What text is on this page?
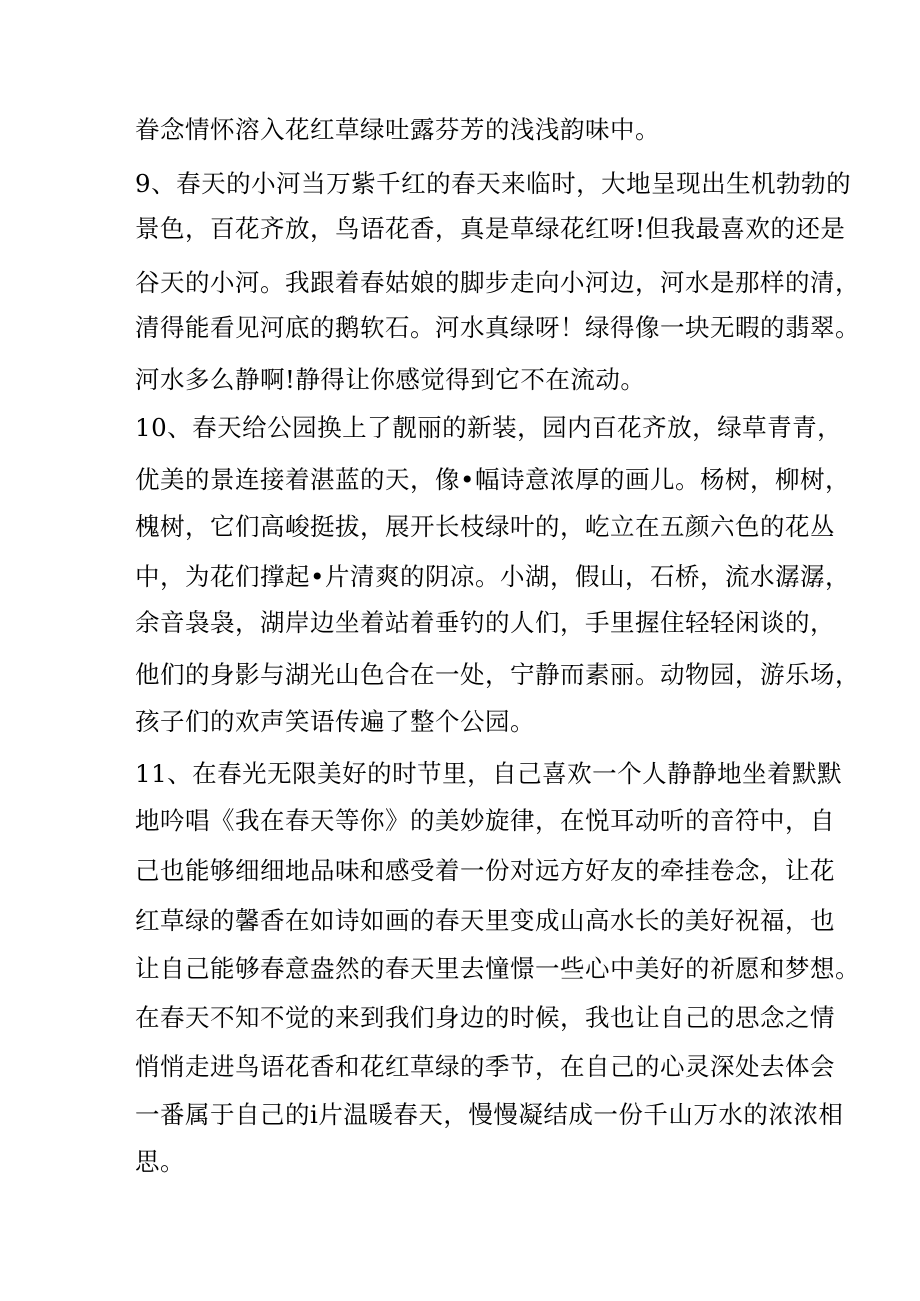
眷念情怀溶入花红草绿吐露芬芳的浅浅韵味中。
9、春天的小河当万紫千红的春天来临时，大地呈现出生机勃勃的
景色，百花齐放，鸟语花香，真是草绿花红呀!但我最喜欢的还是
谷天的小河。我跟着春姑娘的脚步走向小河边，河水是那样的清，
清得能看见河底的鹅软石。河水真绿呀！绿得像一块无暇的翡翠。
河水多么静啊!静得让你感觉得到它不在流动。
10、春天给公园换上了靓丽的新装，园内百花齐放，绿草青青，
优美的景连接着湛蓝的天，像•幅诗意浓厚的画儿。杨树，柳树，
槐树，它们高峻挺拔，展开长枝绿叶的，屹立在五颜六色的花丛
中，为花们撑起•片清爽的阴凉。小湖，假山，石桥，流水潺潺，
余音袅袅，湖岸边坐着站着垂钓的人们，手里握住轻轻闲谈的，
他们的身影与湖光山色合在一处，宁静而素丽。动物园，游乐场，
孩子们的欢声笑语传遍了整个公园。
11、在春光无限美好的时节里，自己喜欢一个人静静地坐着默默
地吟唱《我在春天等你》的美妙旋律，在悦耳动听的音符中，自
己也能够细细地品味和感受着一份对远方好友的牵挂卷念，让花
红草绿的馨香在如诗如画的春天里变成山高水长的美好祝福，也
让自己能够春意盎然的春天里去憧憬一些心中美好的祈愿和梦想。
在春天不知不觉的来到我们身边的时候，我也让自己的思念之情
悄悄走进鸟语花香和花红草绿的季节，在自己的心灵深处去体会
一番属于自己的i片温暖春天，慢慢凝结成一份千山万水的浓浓相
思。
